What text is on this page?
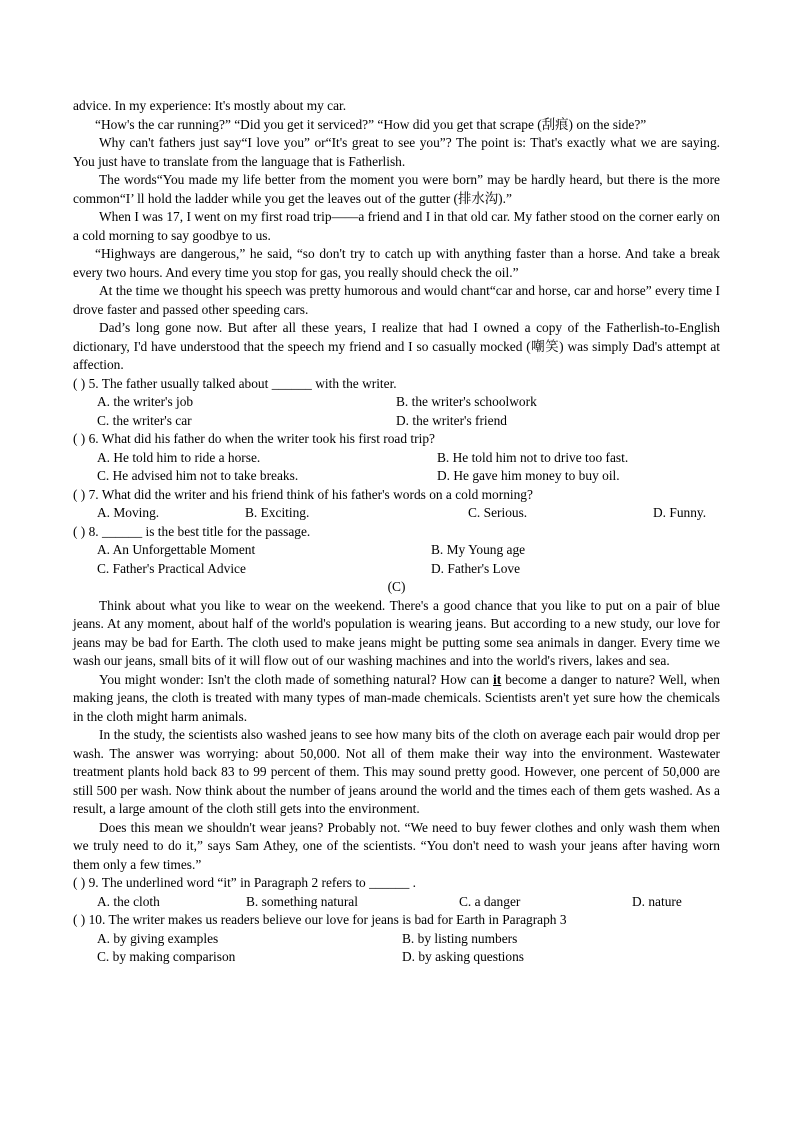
advice. In my experience: It's mostly about my car.

“How's the car running?” “Did you get it serviced?” “How did you get that scrape (刮痕) on the side?”

Why can't fathers just say“I love you” or“It's great to see you”? The point is: That's exactly what we are saying. You just have to translate from the language that is Fatherlish.

The words“You made my life better from the moment you were born” may be hardly heard, but there is the more common“I’ ll hold the ladder while you get the leaves out of the gutter (排水沟).”

When I was 17, I went on my first road trip——a friend and I in that old car. My father stood on the corner early on a cold morning to say goodbye to us.

“Highways are dangerous,” he said, “so don't try to catch up with anything faster than a horse. And take a break every two hours. And every time you stop for gas, you really should check the oil.”

At the time we thought his speech was pretty humorous and would chant“car and horse, car and horse” every time I drove faster and passed other speeding cars.

Dad’s long gone now. But after all these years, I realize that had I owned a copy of the Fatherlish-to-English dictionary, I'd have understood that the speech my friend and I so casually mocked (嘲笑) was simply Dad's attempt at affection.

( ) 5. The father usually talked about ______ with the writer.

A. the writer's job	B. the writer's schoolwork
C. the writer's car	D. the writer's friend

( ) 6. What did his father do when the writer took his first road trip?

A. He told him to ride a horse.	B. He told him not to drive too fast.
C. He advised him not to take breaks.	D. He gave him money to buy oil.

( ) 7. What did the writer and his friend think of his father's words on a cold morning?

A. Moving.	B. Exciting.	C. Serious.	D. Funny.

( ) 8. ______ is the best title for the passage.

A. An Unforgettable Moment	B. My Young age
C. Father's Practical Advice	D. Father's Love

(C)

Think about what you like to wear on the weekend. There's a good chance that you like to put on a pair of blue jeans. At any moment, about half of the world's population is wearing jeans. But according to a new study, our love for jeans may be bad for Earth. The cloth used to make jeans might be putting some sea animals in danger. Every time we wash our jeans, small bits of it will flow out of our washing machines and into the world's rivers, lakes and sea.

You might wonder: Isn't the cloth made of something natural? How can it become a danger to nature? Well, when making jeans, the cloth is treated with many types of man-made chemicals. Scientists aren't yet sure how the chemicals in the cloth might harm animals.

In the study, the scientists also washed jeans to see how many bits of the cloth on average each pair would drop per wash. The answer was worrying: about 50,000. Not all of them make their way into the environment. Wastewater treatment plants hold back 83 to 99 percent of them. This may sound pretty good. However, one percent of 50,000 are still 500 per wash. Now think about the number of jeans around the world and the times each of them gets washed. As a result, a large amount of the cloth still gets into the environment.

Does this mean we shouldn't wear jeans? Probably not. “We need to buy fewer clothes and only wash them when we truly need to do it,” says Sam Athey, one of the scientists. “You don't need to wash your jeans after having worn them only a few times.”

( ) 9. The underlined word “it” in Paragraph 2 refers to ______ .

A. the cloth	B. something natural	C. a danger	D. nature

( ) 10. The writer makes us readers believe our love for jeans is bad for Earth in Paragraph 3

A. by giving examples	B. by listing numbers
C. by making comparison	D. by asking questions
